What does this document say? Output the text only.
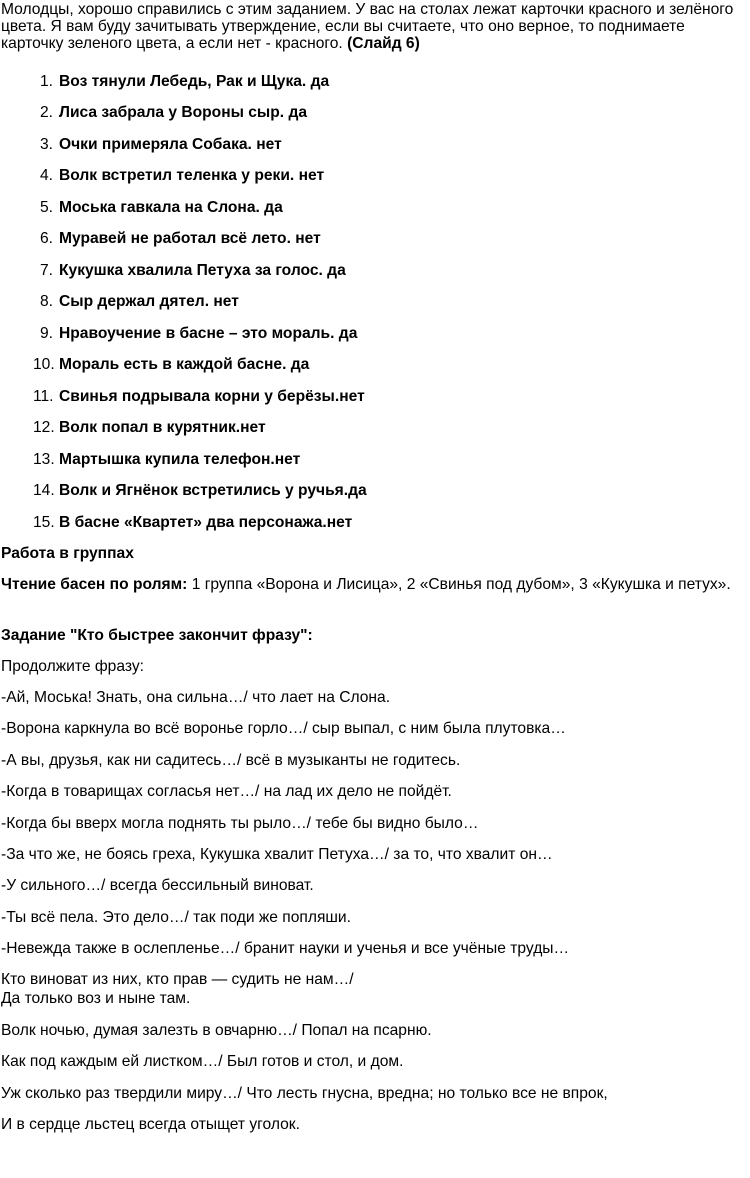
Молодцы, хорошо справились с этим заданием. У вас на столах лежат карточки красного и зелёного цвета. Я вам буду зачитывать утверждение, если вы считаете, что оно верное, то поднимаете карточку зеленого цвета, а если нет - красного. (Слайд 6)
1. Воз тянули Лебедь, Рак и Щука. да
2. Лиса забрала у Вороны сыр. да
3. Очки примеряла Собака. нет
4. Волк встретил теленка у реки. нет
5. Моська гавкала на Слона. да
6. Муравей не работал всё лето. нет
7. Кукушка хвалила Петуха за голос. да
8. Сыр держал дятел. нет
9. Нравоучение в басне – это мораль. да
10. Мораль есть в каждой басне. да
11. Свинья подрывала корни у берёзы.нет
12. Волк попал в курятник.нет
13. Мартышка купила телефон.нет
14. Волк и Ягнёнок встретились у ручья.да
15. В басне «Квартет» два персонажа.нет
Работа в группах
Чтение басен по ролям: 1 группа «Ворона и Лисица», 2 «Свинья под дубом», 3 «Кукушка и петух».
Задание "Кто быстрее закончит фразу":
Продолжите фразу:
-Ай, Моська! Знать, она сильна…/ что лает на Слона.
-Ворона каркнула во всё воронье горло…/ сыр выпал, с ним была плутовка…
-А вы, друзья, как ни садитесь…/ всё в музыканты не годитесь.
-Когда в товарищах согласья нет…/ на лад их дело не пойдёт.
-Когда бы вверх могла поднять ты рыло…/ тебе бы видно было…
-За что же, не боясь греха, Кукушка хвалит Петуха…/ за то, что хвалит он…
-У сильного…/ всегда бессильный виноват.
-Ты всё пела. Это дело…/ так поди же попляши.
-Невежда также в ослепленье…/ бранит науки и ученья и все учёные труды…
Кто виноват из них, кто прав — судить не нам…/
Да только воз и ныне там.
Волк ночью, думая залезть в овчарню…/ Попал на псарню.
Как под каждым ей листком…/ Был готов и стол, и дом.
Уж сколько раз твердили миру…/ Что лесть гнусна, вредна; но только все не впрок,
И в сердце льстец всегда отыщет уголок.
